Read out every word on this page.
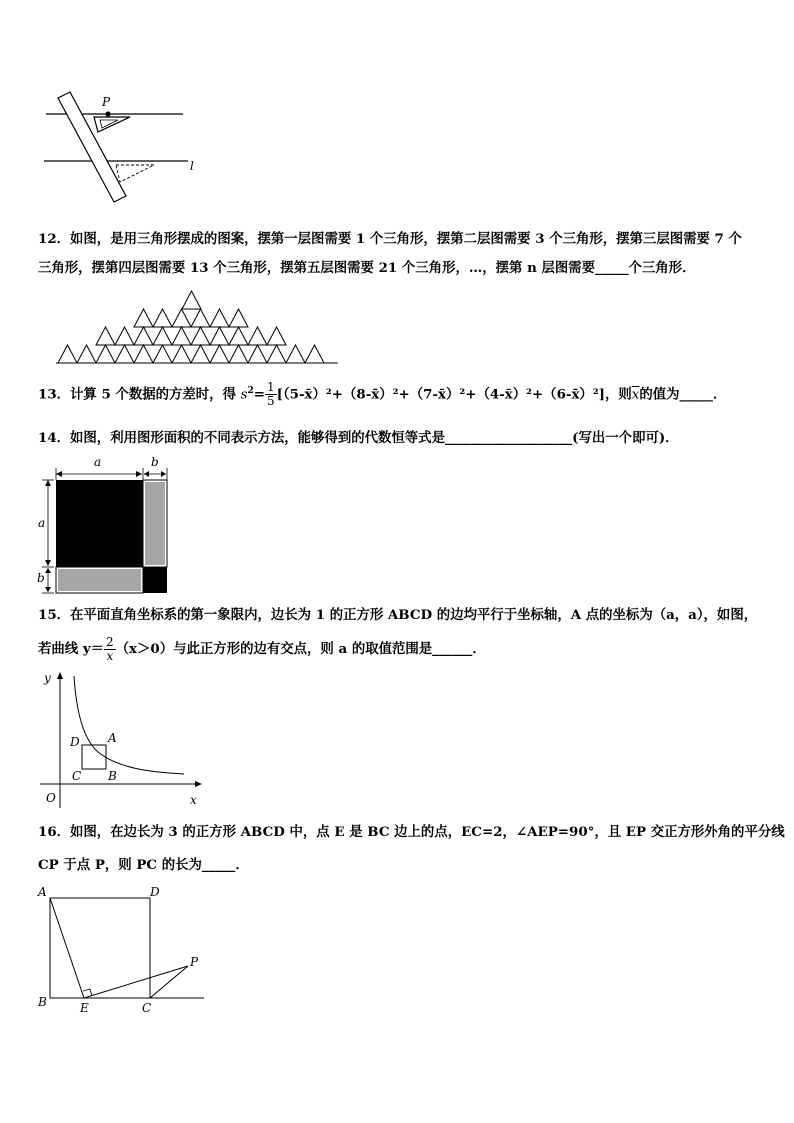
P
l
12．如图，是用三角形摆成的图案，摆第一层图需要 1 个三角形，摆第二层图需要 3 个三角形，摆第三层图需要 7 个
三角形，摆第四层图需要 13 个三角形，摆第五层图需要 21 个三角形，…，摆第 n 层图需要_____个三角形．
13．计算 5 个数据的方差时，得 $s^2= \frac{1}{5}$ [（5-x̄）²+（8-x̄）²+（7-x̄）²+（4-x̄）²+（6-x̄）²]，则$\overline{x}$的值为_____．
14．如图，利用图形面积的不同表示方法，能够得到的代数恒等式是___________________(写出一个即可)．
a	b
a
b
15．在平面直角坐标系的第一象限内，边长为 1 的正方形 ABCD 的边均平行于坐标轴，A 点的坐标为（a，a），如图，
若曲线 $y= \frac{2}{x} (x>0)$与此正方形的边有交点，则 a 的取值范围是______．
y
x
O
D A
C B
16．如图，在边长为 3 的正方形 ABCD 中，点 E 是 BC 边上的点，EC=2，∠AEP=90°，且 EP 交正方形外角的平分线
CP 于点 P，则 PC 的长为_____．
A	D
B	E	C
P
